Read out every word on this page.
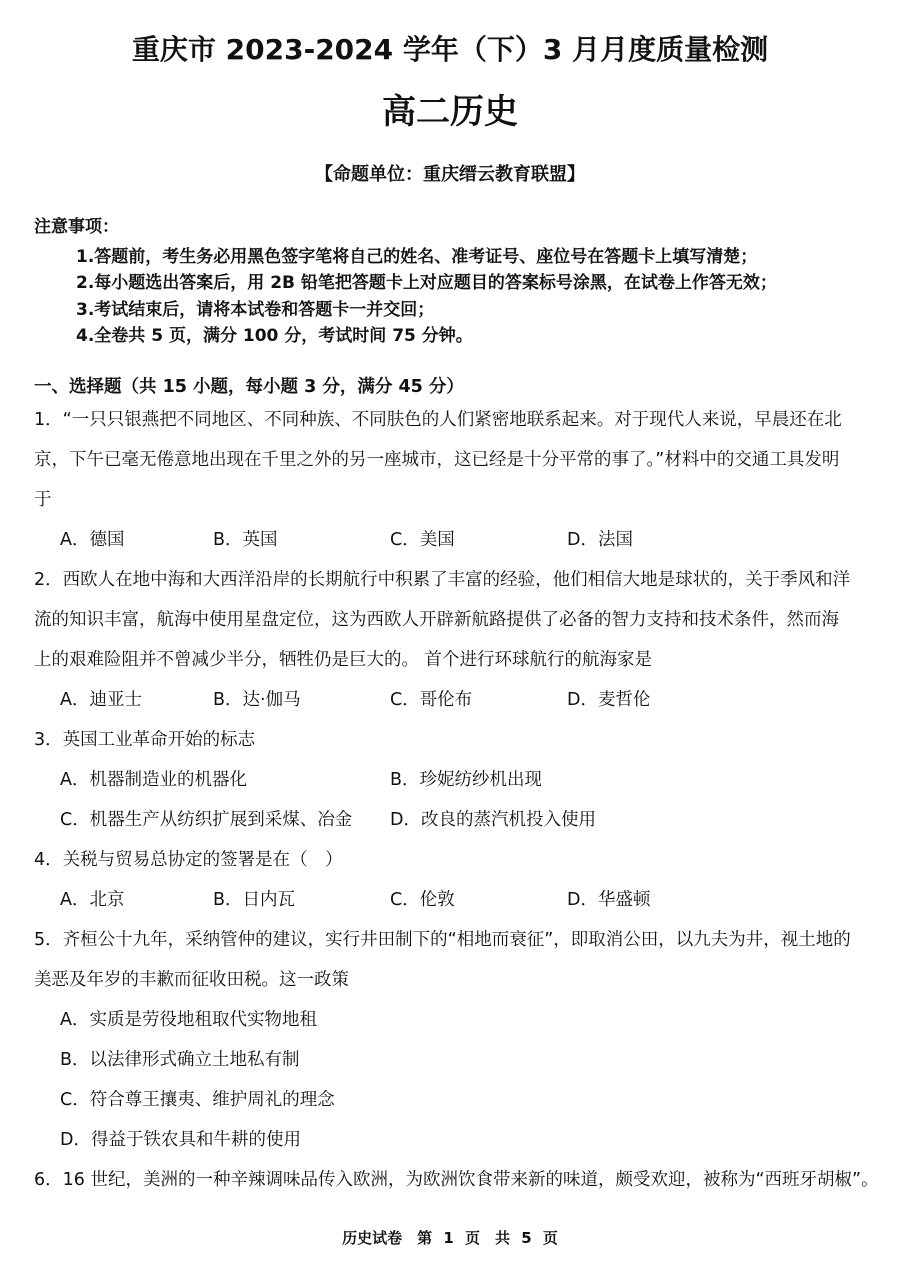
重庆市 2023-2024 学年（下）3 月月度质量检测
高二历史
【命题单位：重庆缙云教育联盟】
注意事项：
1.答题前，考生务必用黑色签字笔将自己的姓名、准考证号、座位号在答题卡上填写清楚；
2.每小题选出答案后，用 2B 铅笔把答题卡上对应题目的答案标号涂黑，在试卷上作答无效；
3.考试结束后，请将本试卷和答题卡一并交回；
4.全卷共 5 页，满分 100 分，考试时间 75 分钟。
一、选择题（共 15 小题，每小题 3 分，满分 45 分）
1．“一只只银燕把不同地区、不同种族、不同肤色的人们紧密地联系起来。对于现代人来说，早晨还在北
京，下午已毫无倦意地出现在千里之外的另一座城市，这已经是十分平常的事了。”材料中的交通工具发明
于
A．德国	B．英国	C．美国	D．法国
2．西欧人在地中海和大西洋沿岸的长期航行中积累了丰富的经验，他们相信大地是球状的，关于季风和洋
流的知识丰富，航海中使用星盘定位，这为西欧人开辟新航路提供了必备的智力支持和技术条件，然而海
上的艰难险阻并不曾减少半分，牺牲仍是巨大的。 首个进行环球航行的航海家是
A．迪亚士	B．达·伽马	C．哥伦布	D．麦哲伦
3．英国工业革命开始的标志
A．机器制造业的机器化	B．珍妮纺纱机出现
C．机器生产从纺织扩展到采煤、冶金 D．改良的蒸汽机投入使用
4．关税与贸易总协定的签署是在（　）
A．北京	B．日内瓦	C．伦敦	D．华盛顿
5．齐桓公十九年，采纳管仲的建议，实行井田制下的“相地而衰征”，即取消公田，以九夫为井，视土地的
美恶及年岁的丰歉而征收田税。这一政策
A．实质是劳役地租取代实物地租
B．以法律形式确立土地私有制
C．符合尊王攘夷、维护周礼的理念
D．得益于铁农具和牛耕的使用
6．16 世纪，美洲的一种辛辣调味品传入欧洲，为欧洲饮食带来新的味道，颇受欢迎，被称为“西班牙胡椒”。
历史试卷　第 1 页　共 5 页
